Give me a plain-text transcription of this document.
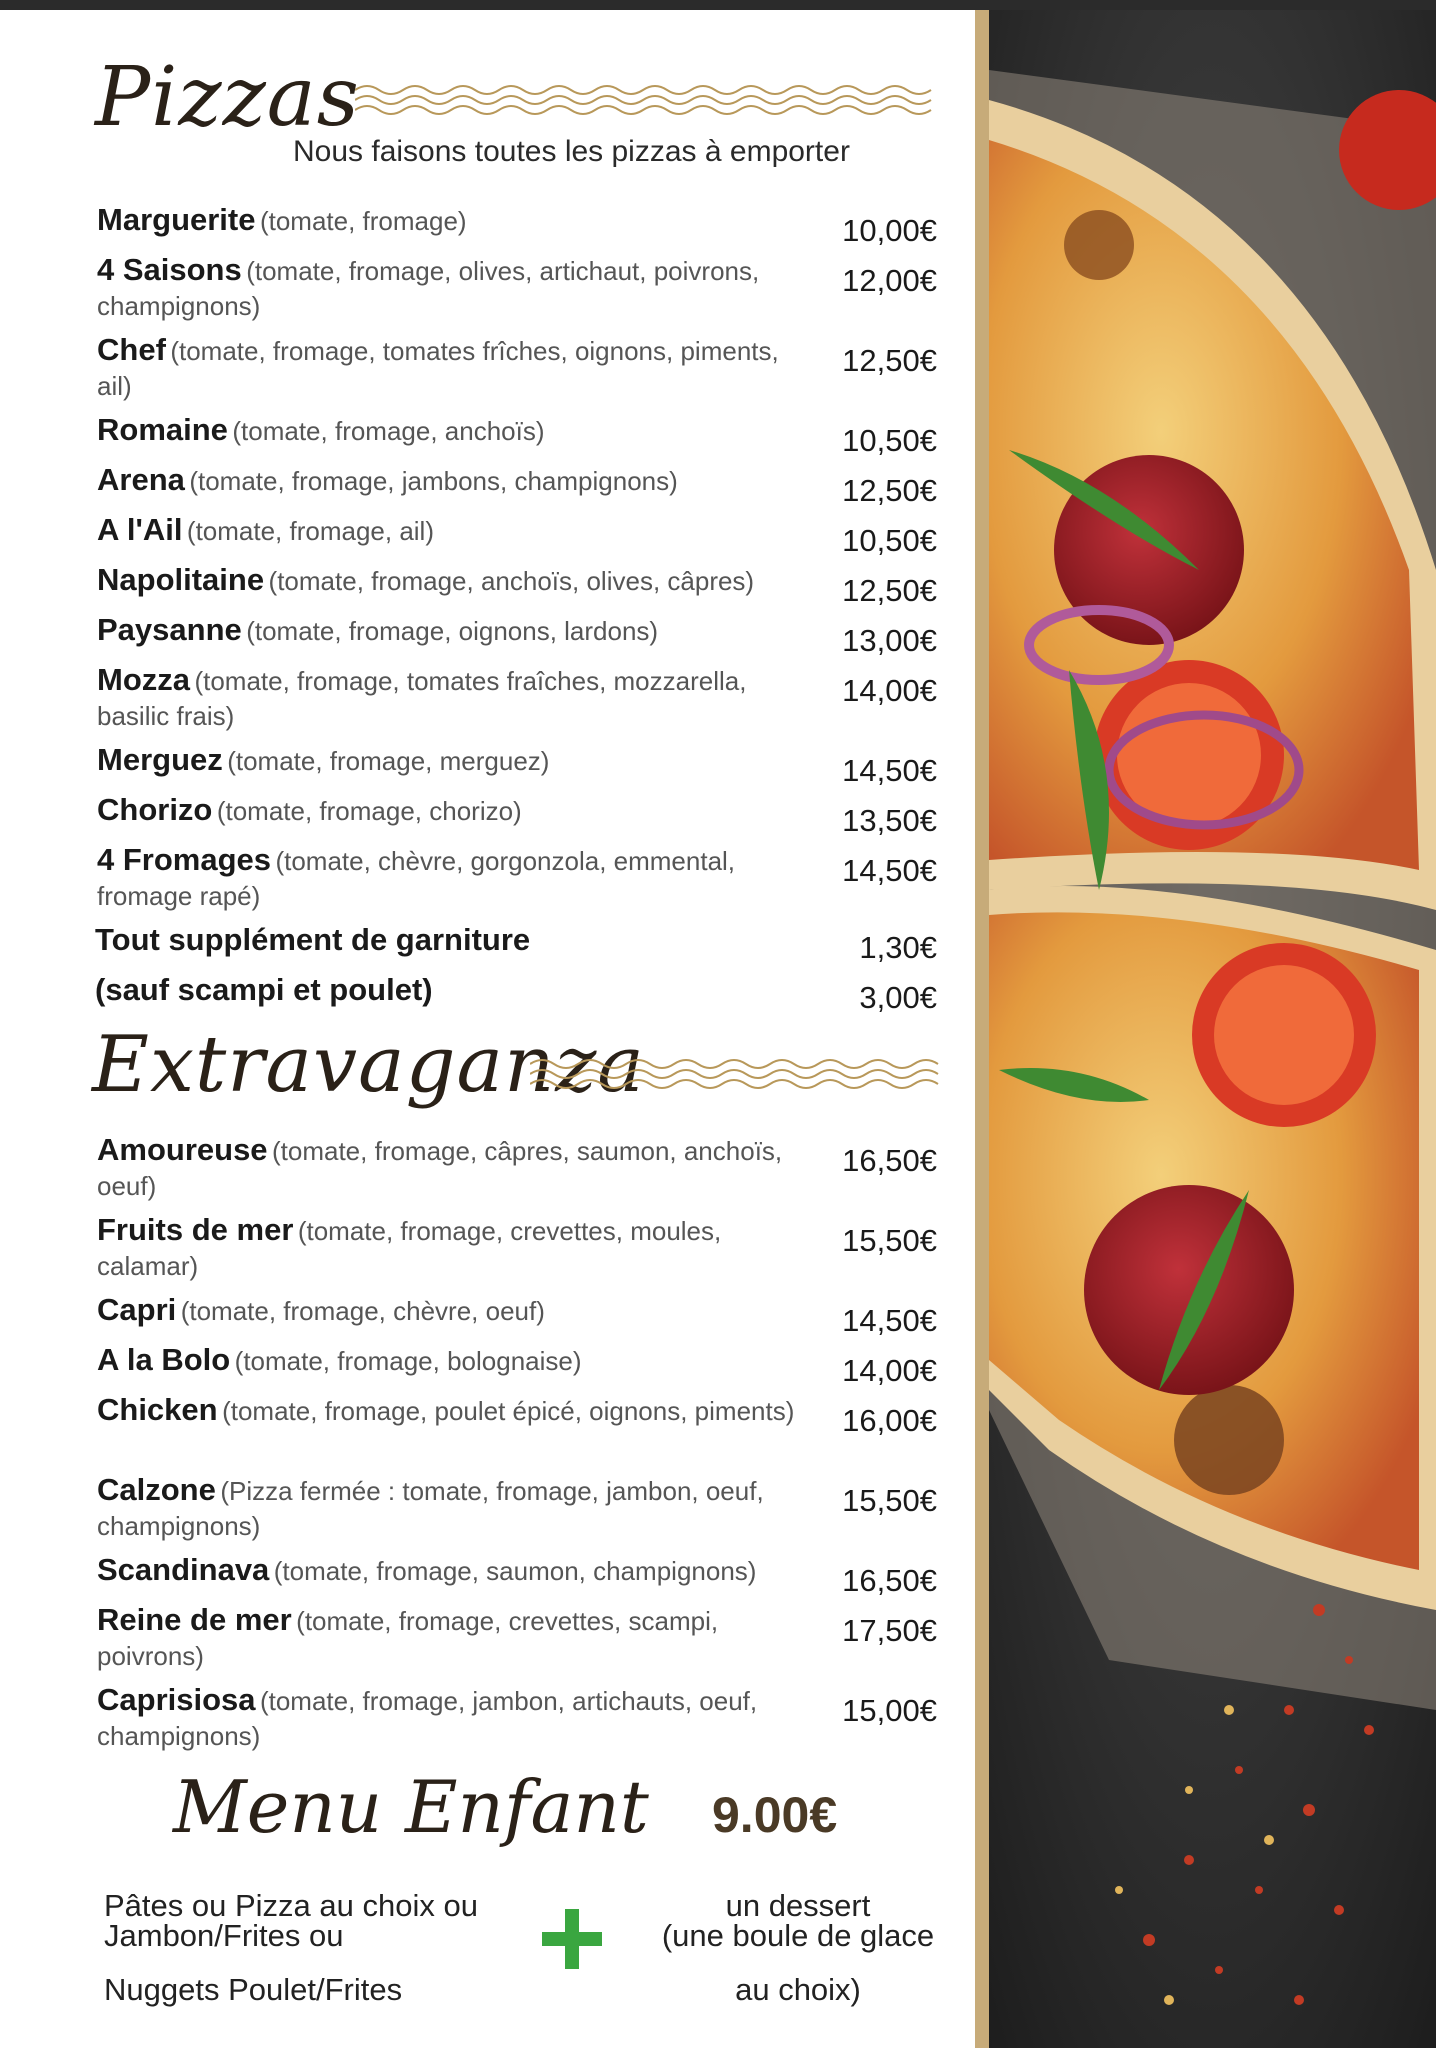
Pizzas
Nous faisons toutes les pizzas à emporter
Marguerite (tomate, fromage)	10,00€
4 Saisons (tomate, fromage, olives, artichaut, poivrons, champignons)
12,00€
Chef (tomate, fromage, tomates frîches, oignons, piments, ail)
12,50€
Romaine (tomate, fromage, anchoïs)	10,50€
Arena (tomate, fromage, jambons, champignons)	12,50€
A l'Ail (tomate, fromage, ail)	10,50€
Napolitaine (tomate, fromage, anchoïs, olives, câpres)	12,50€
Paysanne (tomate, fromage, oignons, lardons)	13,00€
Mozza (tomate, fromage, tomates fraîches, mozzarella, basilic frais)
14,00€
Merguez (tomate, fromage, merguez)	14,50€
Chorizo (tomate, fromage, chorizo)	13,50€
4 Fromages (tomate, chèvre, gorgonzola, emmental, fromage rapé)
14,50€
Tout supplément de garniture	1,30€
(sauf scampi et poulet)	3,00€
Extravaganza
Amoureuse (tomate, fromage, câpres, saumon, anchoïs, oeuf)
16,50€
Fruits de mer (tomate, fromage, crevettes, moules, calamar)
15,50€
Capri (tomate, fromage, chèvre, oeuf)	14,50€
A la Bolo (tomate, fromage, bolognaise)	14,00€
Chicken (tomate, fromage, poulet épicé, oignons, piments)	16,00€
Calzone (Pizza fermée : tomate, fromage, jambon, oeuf, champignons)
15,50€
Scandinava (tomate, fromage, saumon, champignons)	16,50€
Reine de mer (tomate, fromage, crevettes, scampi, poivrons)
17,50€
Caprisiosa (tomate, fromage, jambon, artichauts, oeuf, champignons)
15,00€
Menu Enfant 9.00€
Pâtes ou Pizza au choix ou
Jambon/Frites ou
Nuggets Poulet/Frites
un dessert
(une boule de glace
au choix)
